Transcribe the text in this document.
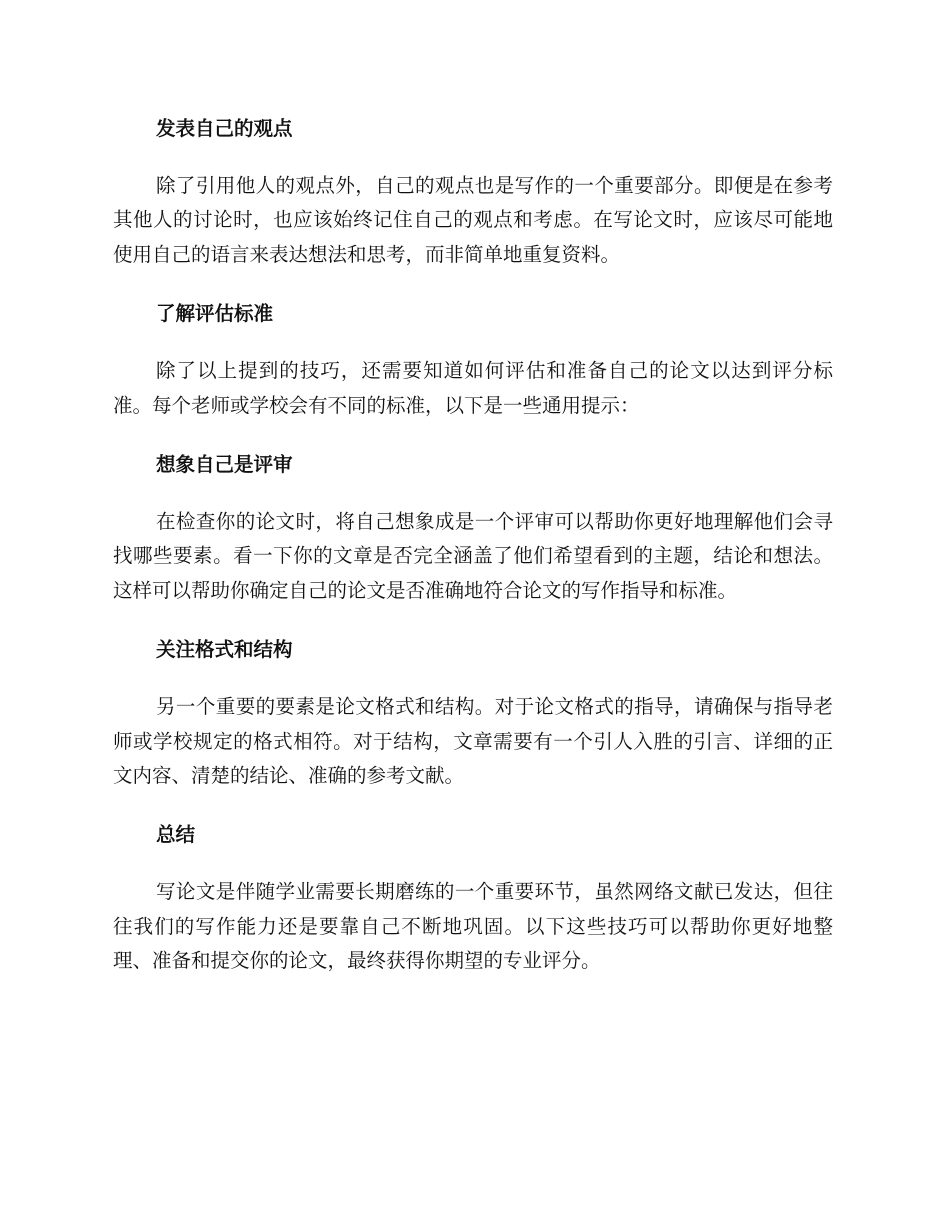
发表自己的观点

除了引用他人的观点外，自己的观点也是写作的一个重要部分。即便是在参考其他人的讨论时，也应该始终记住自己的观点和考虑。在写论文时，应该尽可能地使用自己的语言来表达想法和思考，而非简单地重复资料。

了解评估标准

除了以上提到的技巧，还需要知道如何评估和准备自己的论文以达到评分标准。每个老师或学校会有不同的标准，以下是一些通用提示：

想象自己是评审

在检查你的论文时，将自己想象成是一个评审可以帮助你更好地理解他们会寻找哪些要素。看一下你的文章是否完全涵盖了他们希望看到的主题，结论和想法。这样可以帮助你确定自己的论文是否准确地符合论文的写作指导和标准。

关注格式和结构

另一个重要的要素是论文格式和结构。对于论文格式的指导，请确保与指导老师或学校规定的格式相符。对于结构，文章需要有一个引人入胜的引言、详细的正文内容、清楚的结论、准确的参考文献。

总结

写论文是伴随学业需要长期磨练的一个重要环节，虽然网络文献已发达，但往往我们的写作能力还是要靠自己不断地巩固。以下这些技巧可以帮助你更好地整理、准备和提交你的论文，最终获得你期望的专业评分。
